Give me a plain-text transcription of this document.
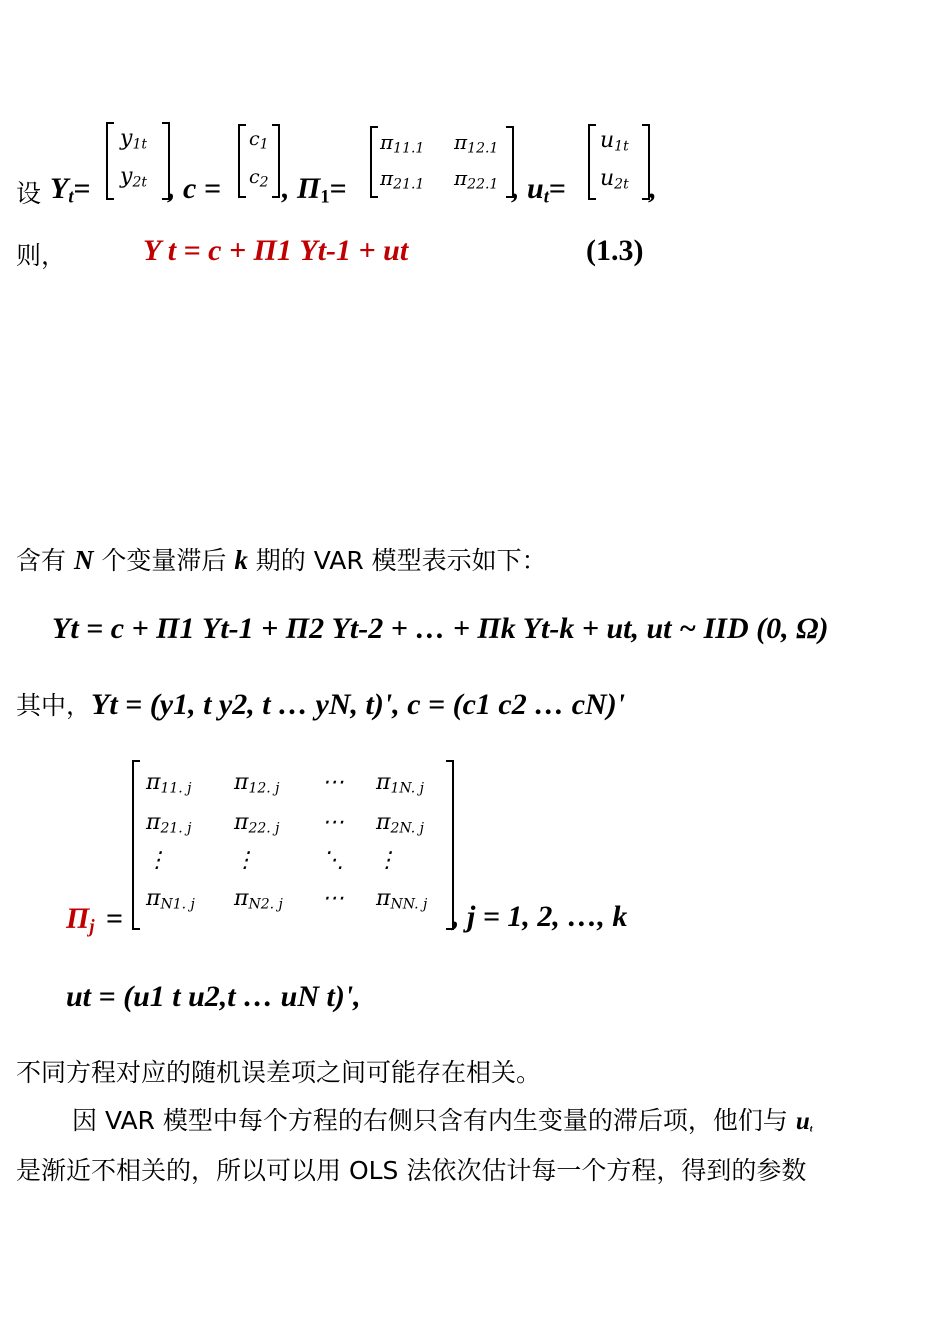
设 $Y_t=$
$y_{1t}$
$y_{2t}$ , c =
$c_1$
$c_2$ , $\Pi_1=$
$\pi_{11.1}$ $\pi_{12.1}$
$\pi_{21.1}$ $\pi_{22.1}$ , $u_t=$
$u_{1t}$
$u_{2t}$ ,
则，	Y t = c + Π1 Yt-1 + ut	(1.3)
含有 N 个变量滞后 k 期的 VAR 模型表示如下：
Yt = c + Π1 Yt-1 + Π2 Yt-2 + … + Πk Yt-k + ut, ut ~ IID (0, Ω)
其中，Yt = (y1, t y2, t … yN, t)', c = (c1 c2 … cN)'
$\Pi_j$ =
$\pi_{11. j}$ $\pi_{12. j}$ ⋯ $\pi_{1N. j}$
$\pi_{21. j}$ $\pi_{22. j}$ ⋯ $\pi_{2N. j}$
⋮	⋮	⋱ ⋮
$\pi_{N1. j}$ $\pi_{N2. j}$ ⋯ $\pi_{NN. j}$ , j = 1, 2, …, k
ut = (u1 t u2,t … uN t)',
不同方程对应的随机误差项之间可能存在相关。
因 VAR 模型中每个方程的右侧只含有内生变量的滞后项，他们与 $u_t$
是渐近不相关的，所以可以用 OLS 法依次估计每一个方程，得到的参数
